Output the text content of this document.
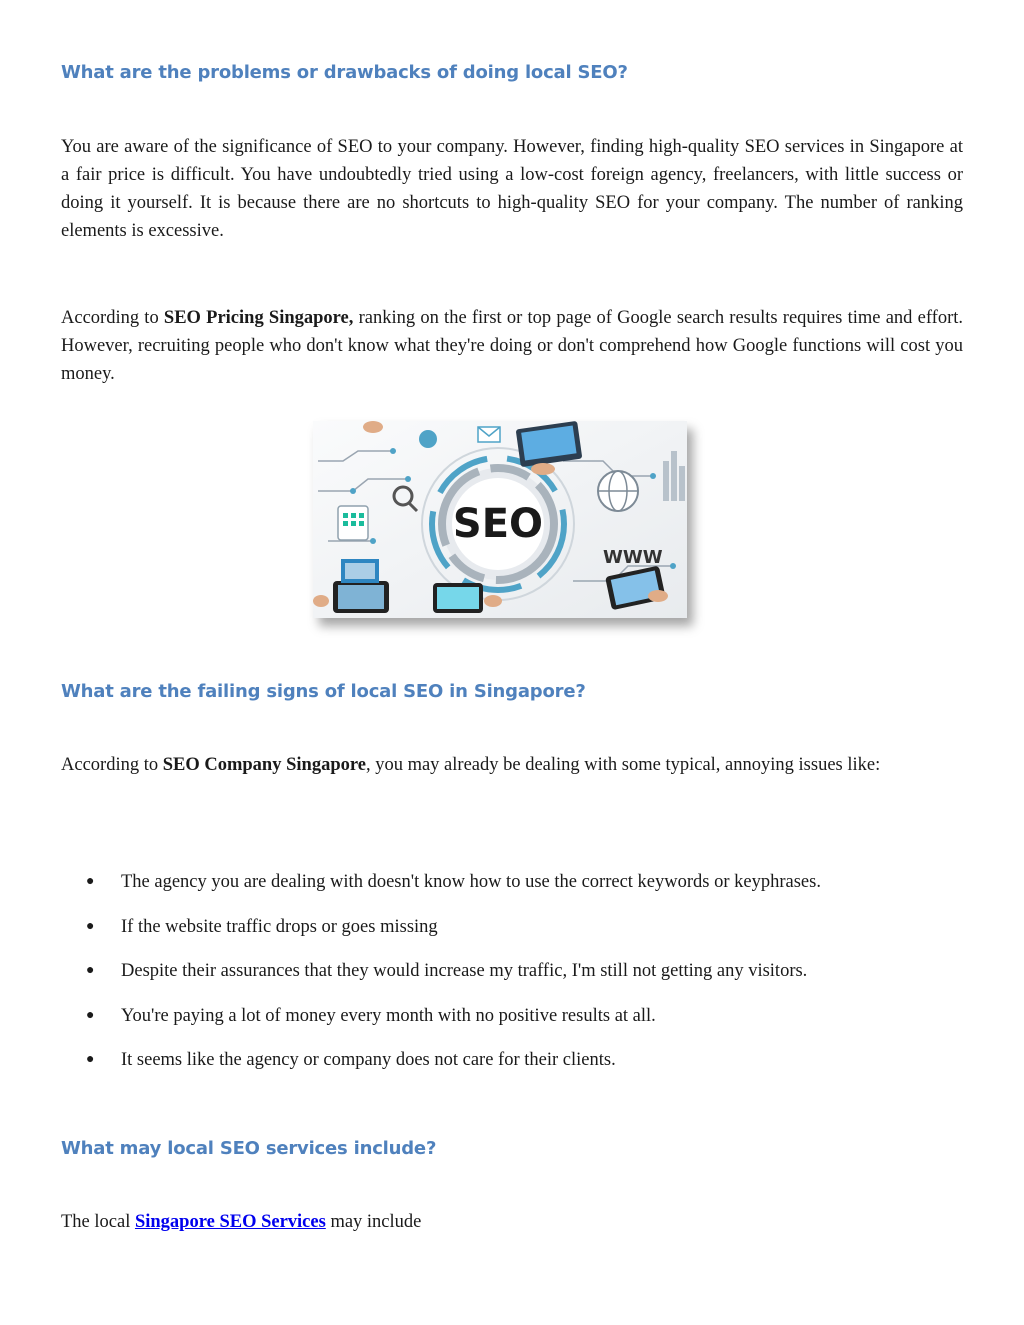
What are the problems or drawbacks of doing local SEO?

You are aware of the significance of SEO to your company. However, finding high-quality SEO services in Singapore at a fair price is difficult. You have undoubtedly tried using a low-cost foreign agency, freelancers, with little success or doing it yourself. It is because there are no shortcuts to high-quality SEO for your company. The number of ranking elements is excessive.

According to SEO Pricing Singapore, ranking on the first or top page of Google search results requires time and effort. However, recruiting people who don't know what they're doing or don't comprehend how Google functions will cost you money.

SEO
WWW
What are the failing signs of local SEO in Singapore?

According to SEO Company Singapore, you may already be dealing with some typical, annoying issues like:

● The agency you are dealing with doesn't know how to use the correct keywords or keyphrases.
● If the website traffic drops or goes missing
● Despite their assurances that they would increase my traffic, I'm still not getting any visitors.
● You're paying a lot of money every month with no positive results at all.
● It seems like the agency or company does not care for their clients.
What may local SEO services include?

The local Singapore SEO Services may include
